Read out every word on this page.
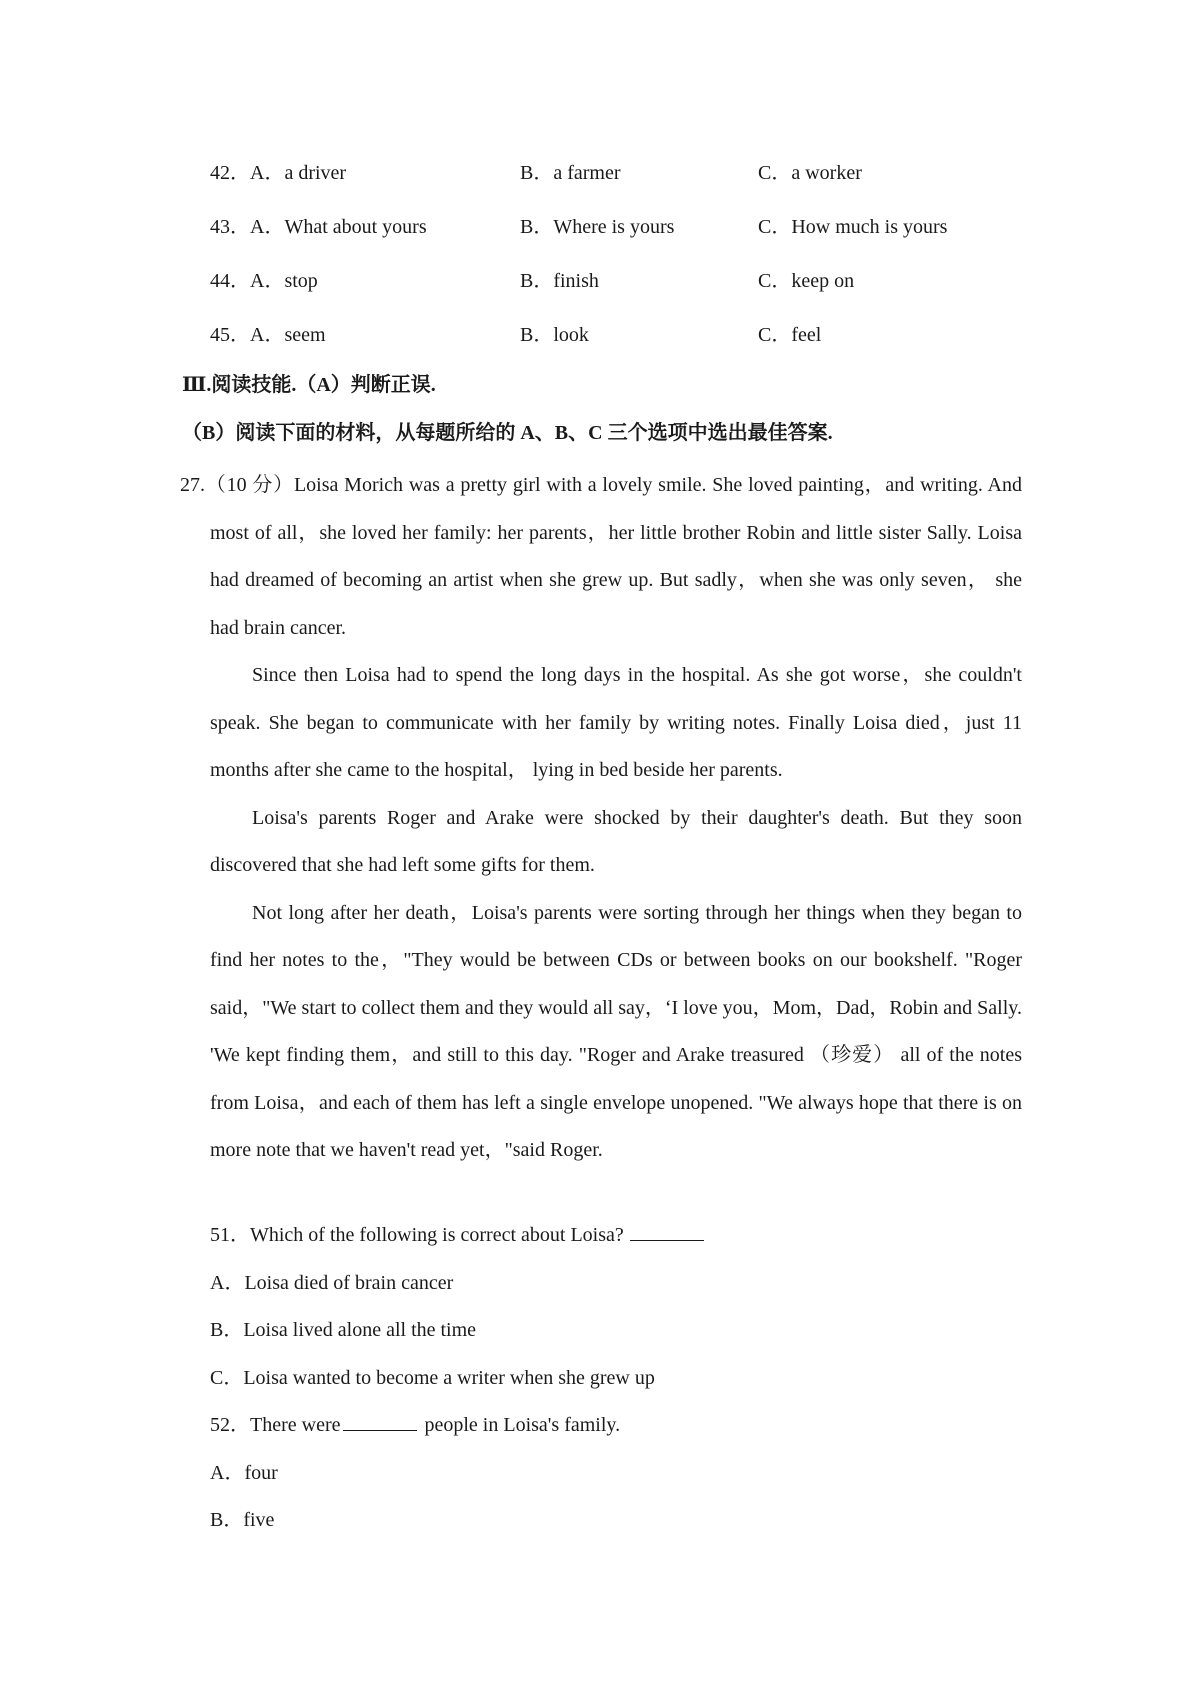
42．A．a driver	B．a farmer	C．a worker
43．A．What about yours	B．Where is yours	C．How much is yours
44．A．stop	B．finish	C．keep on
45．A．seem	B．look	C．feel
Ⅲ.阅读技能.（A）判断正误.
（B）阅读下面的材料，从每题所给的 A、B、C 三个选项中选出最佳答案.

27.（10 分）Loisa Morich was a pretty girl with a lovely smile. She loved painting，and writing. And most of all，she loved her family: her parents，her little brother Robin and little sister Sally. Loisa had dreamed of becoming an artist when she grew up. But sadly，when she was only seven， she had brain cancer.

Since then Loisa had to spend the long days in the hospital. As she got worse，she couldn't speak. She began to communicate with her family by writing notes. Finally Loisa died，just 11 months after she came to the hospital， lying in bed beside her parents.

Loisa's parents Roger and Arake were shocked by their daughter's death. But they soon discovered that she had left some gifts for them.

Not long after her death，Loisa's parents were sorting through her things when they began to find her notes to the，"They would be between CDs or between books on our bookshelf. "Roger said，"We start to collect them and they would all say，‘I love you，Mom，Dad，Robin and Sally. 'We kept finding them，and still to this day. "Roger and Arake treasured （珍爱） all of the notes from Loisa，and each of them has left a single envelope unopened. "We always hope that there is on more note that we haven't read yet，"said Roger.

51．Which of the following is correct about Loisa?
A．Loisa died of brain cancer
B．Loisa lived alone all the time
C．Loisa wanted to become a writer when she grew up
52．There were	people in Loisa's family.
A．four
B．five
